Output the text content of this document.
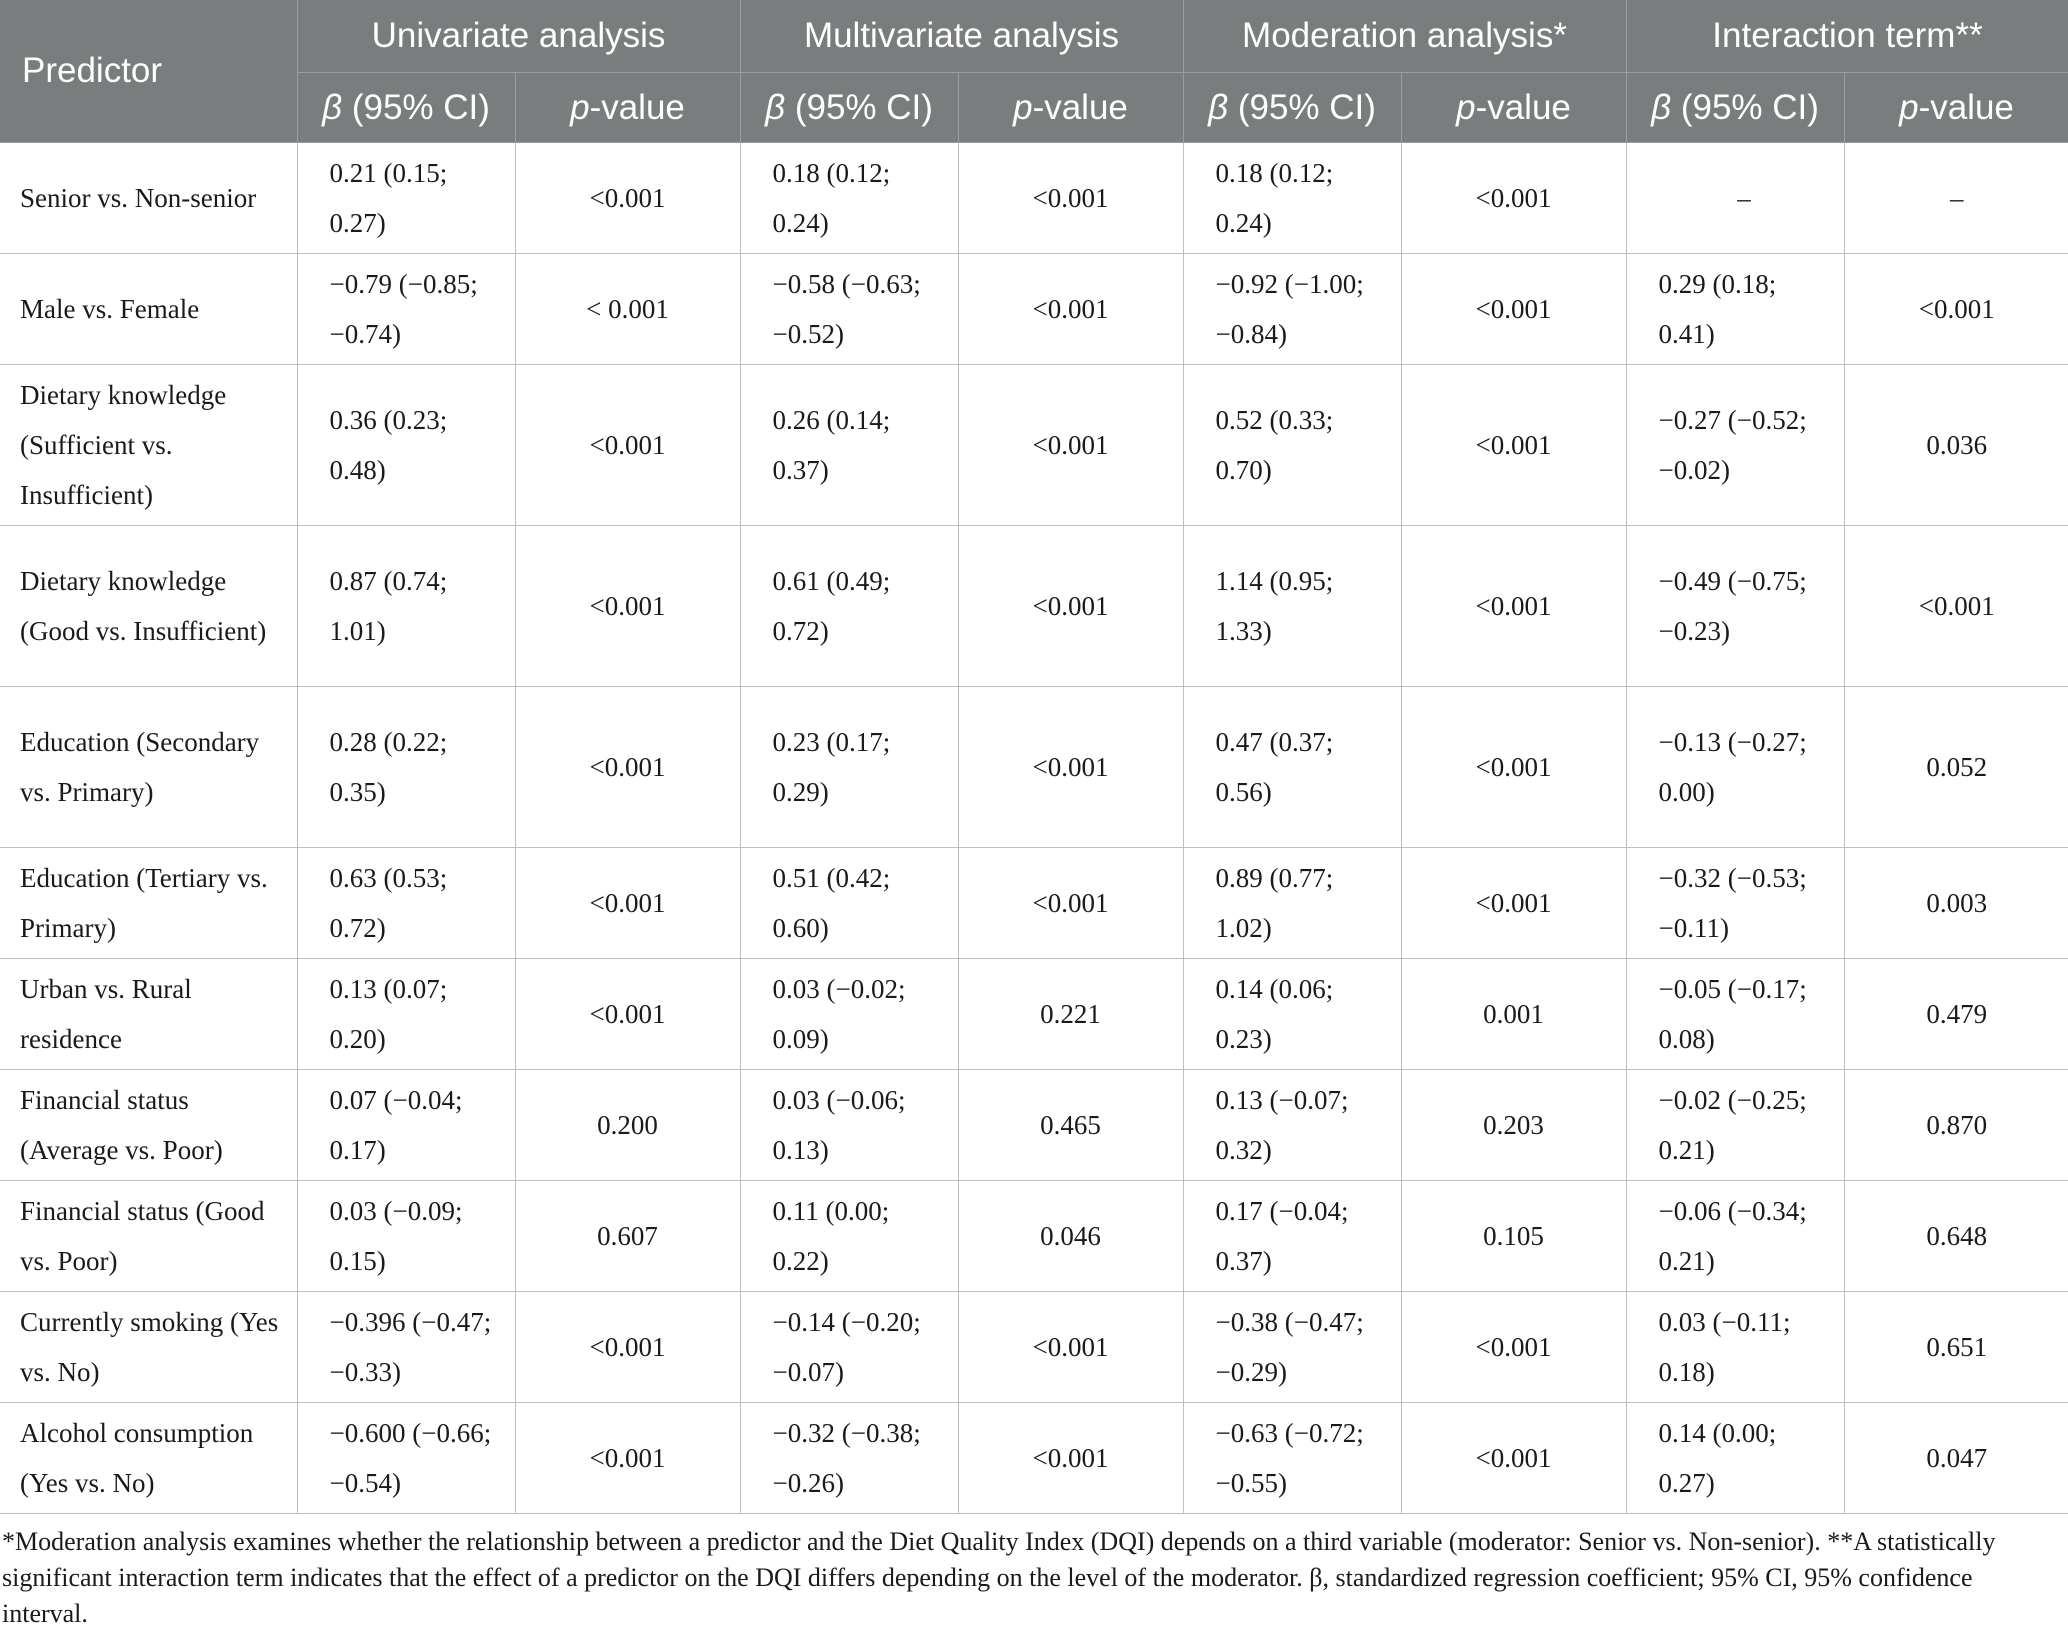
Predictor	Univariate analysis		Multivariate analysis		Moderation analysis*		Interaction term**	
	β (95% CI)	p-value	β (95% CI)	p-value	β (95% CI)	p-value	β (95% CI)	p-value
Senior vs. Non-senior	0.21 (0.15; 0.27)	<0.001	0.18 (0.12; 0.24)	<0.001	0.18 (0.12; 0.24)	<0.001	–	–
Male vs. Female	−0.79 (−0.85; −0.74)	< 0.001	−0.58 (−0.63; −0.52)	<0.001	−0.92 (−1.00; −0.84)	<0.001	0.29 (0.18; 0.41)	<0.001
Dietary knowledge (Sufficient vs. Insufficient)	0.36 (0.23; 0.48)	<0.001	0.26 (0.14; 0.37)	<0.001	0.52 (0.33; 0.70)	<0.001	−0.27 (−0.52; −0.02)	0.036
Dietary knowledge (Good vs. Insufficient)	0.87 (0.74; 1.01)	<0.001	0.61 (0.49; 0.72)	<0.001	1.14 (0.95; 1.33)	<0.001	−0.49 (−0.75; −0.23)	<0.001
Education (Secondary vs. Primary)	0.28 (0.22; 0.35)	<0.001	0.23 (0.17; 0.29)	<0.001	0.47 (0.37; 0.56)	<0.001	−0.13 (−0.27; 0.00)	0.052
Education (Tertiary vs. Primary)	0.63 (0.53; 0.72)	<0.001	0.51 (0.42; 0.60)	<0.001	0.89 (0.77; 1.02)	<0.001	−0.32 (−0.53; −0.11)	0.003
Urban vs. Rural residence	0.13 (0.07; 0.20)	<0.001	0.03 (−0.02; 0.09)	0.221	0.14 (0.06; 0.23)	0.001	−0.05 (−0.17; 0.08)	0.479
Financial status (Average vs. Poor)	0.07 (−0.04; 0.17)	0.200	0.03 (−0.06; 0.13)	0.465	0.13 (−0.07; 0.32)	0.203	−0.02 (−0.25; 0.21)	0.870
Financial status (Good vs. Poor)	0.03 (−0.09; 0.15)	0.607	0.11 (0.00; 0.22)	0.046	0.17 (−0.04; 0.37)	0.105	−0.06 (−0.34; 0.21)	0.648
Currently smoking (Yes vs. No)	−0.396 (−0.47; −0.33)	<0.001	−0.14 (−0.20; −0.07)	<0.001	−0.38 (−0.47; −0.29)	<0.001	0.03 (−0.11; 0.18)	0.651
Alcohol consumption (Yes vs. No)	−0.600 (−0.66; −0.54)	<0.001	−0.32 (−0.38; −0.26)	<0.001	−0.63 (−0.72; −0.55)	<0.001	0.14 (0.00; 0.27)	0.047
*Moderation analysis examines whether the relationship between a predictor and the Diet Quality Index (DQI) depends on a third variable (moderator: Senior vs. Non-senior). **A statistically significant interaction term indicates that the effect of a predictor on the DQI differs depending on the level of the moderator. β, standardized regression coefficient; 95% CI, 95% confidence interval.
